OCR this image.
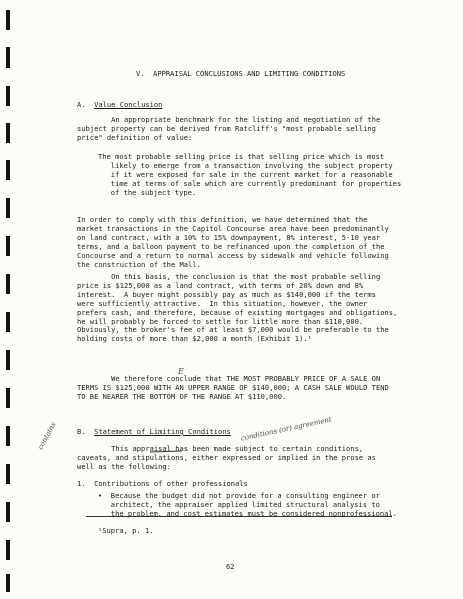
V.  APPRAISAL CONCLUSIONS AND LIMITING CONDITIONS
A. Value Conclusion
An appropriate benchmark for the listing and negotiation of the
subject property can be derived from Ratcliff's "most probable selling
price" definition of value:
The most probable selling price is that selling price which is most
likely to emerge from a transaction involving the subject property
if it were exposed for sale in the current market for a reasonable
time at terms of sale which are currently predominant for properties
of the subject type.
In order to comply with this definition, we have determined that the
market transactions in the Capitol Concourse area have been predominantly
on land contract, with a 10% to 15% downpayment, 8% interest, 5-10 year
terms, and a balloon payment to be refinanced upon the completion of the
Concourse and a return to normal access by sidewalk and vehicle following
the construction of the Mall.
On this basis, the conclusion is that the most probable selling
price is $125,000 as a land contract, with terms of 20% down and 8%
interest.  A buyer might possibly pay as much as $140,000 if the terms
were sufficiently attractive.  In this situation, however, the owner
prefers cash, and therefore, because of existing mortgages and obligations,
he will probably be forced to settle for little more than $110,000.
Obviously, the broker's fee of at least $7,000 would be preferable to the
holding costs of more than $2,000 a month (Exhibit 1).¹
We therefore conclude that THE MOST PROBABLY PRICE OF A SALE ON
TERMS IS $125,000 WITH AN UPPER RANGE OF $140,000; A CASH SALE WOULD TEND
TO BE NEARER THE BOTTOM OF THE RANGE AT $110,000.
B. Statement of Limiting Conditions
This appraisal has been made subject to certain conditions,
caveats, and stipulations, either expressed or implied in the prose as
well as the following:
1.  Contributions of other professionals
•  Because the budget did not provide for a consulting engineer or
architect, the appraiser applied limited structural analysis to
the problem, and cost estimates must be considered nonprofessional.
¹Supra, p. 1.
62
conditions (or) agreement
contains
E
